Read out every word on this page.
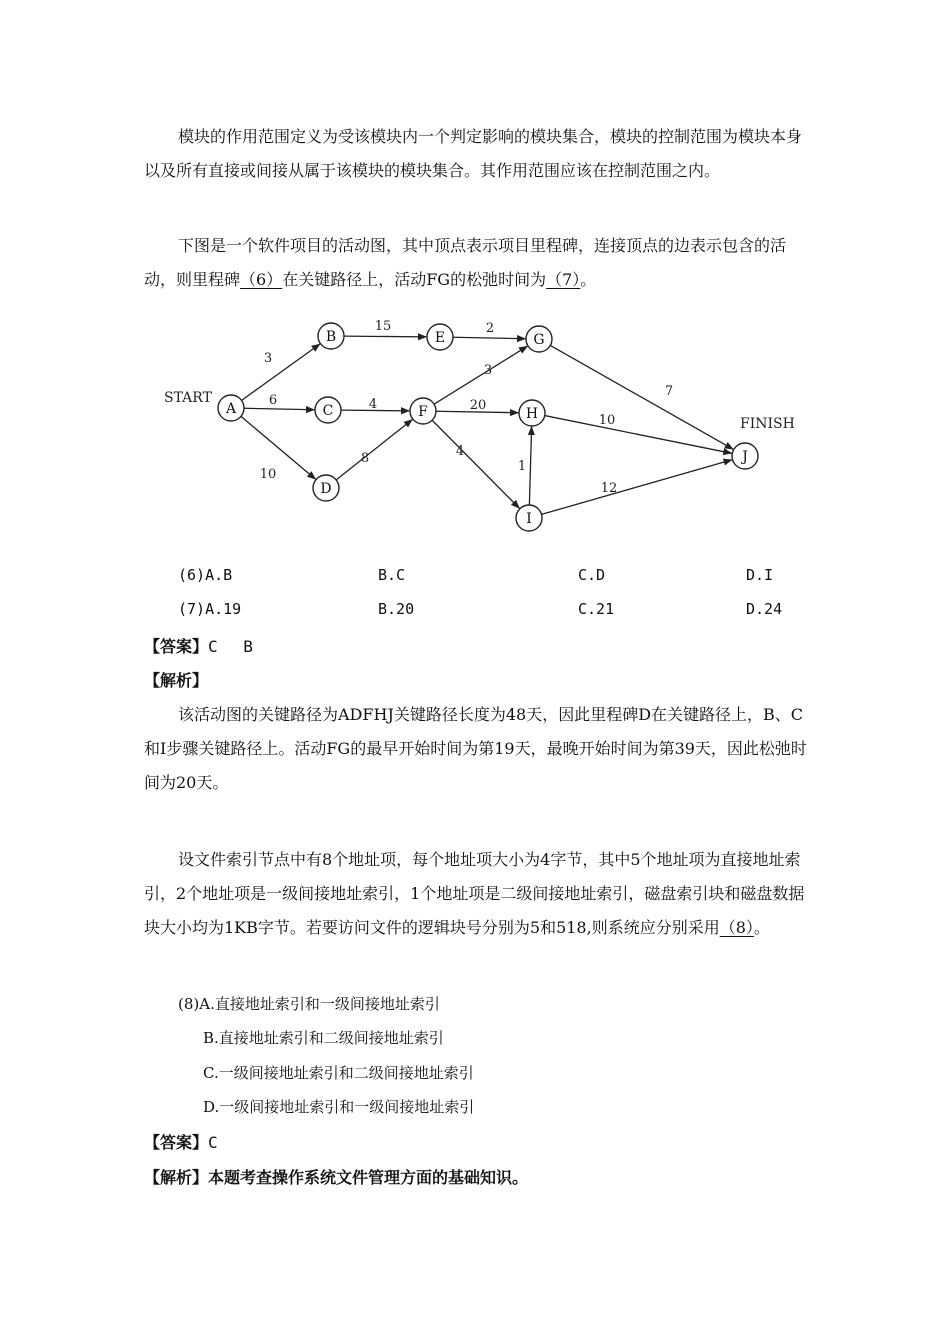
模块的作用范围定义为受该模块内一个判定影响的模块集合，模块的控制范围为模块本身以及所有直接或间接从属于该模块的模块集合。其作用范围应该在控制范围之内。

下图是一个软件项目的活动图，其中顶点表示项目里程碑，连接顶点的边表示包含的活动，则里程碑（6）在关键路径上，活动FG的松弛时间为（7）。

3
6
10
15	2
4
8
3
20
4
1
7
10
12
A
B
C
D
E
F
G
H
I
J
START
FINISH
(6)A.B	B.C	C.D	D.I
(7)A.19	B.20	C.21	D.24
【答案】C　 B
【解析】

该活动图的关键路径为ADFHJ关键路径长度为48天，因此里程碑D在关键路径上，B、C和I步骤关键路径上。活动FG的最早开始时间为第19天，最晚开始时间为第39天，因此松弛时间为20天。

设文件索引节点中有8个地址项，每个地址项大小为4字节，其中5个地址项为直接地址索引，2个地址项是一级间接地址索引，1个地址项是二级间接地址索引，磁盘索引块和磁盘数据块大小均为1KB字节。若要访问文件的逻辑块号分别为5和518,则系统应分别采用（8）。

(8)A.直接地址索引和一级间接地址索引
B.直接地址索引和二级间接地址索引
C.一级间接地址索引和二级间接地址索引
D.一级间接地址索引和一级间接地址索引
【答案】C
【解析】本题考查操作系统文件管理方面的基础知识。
